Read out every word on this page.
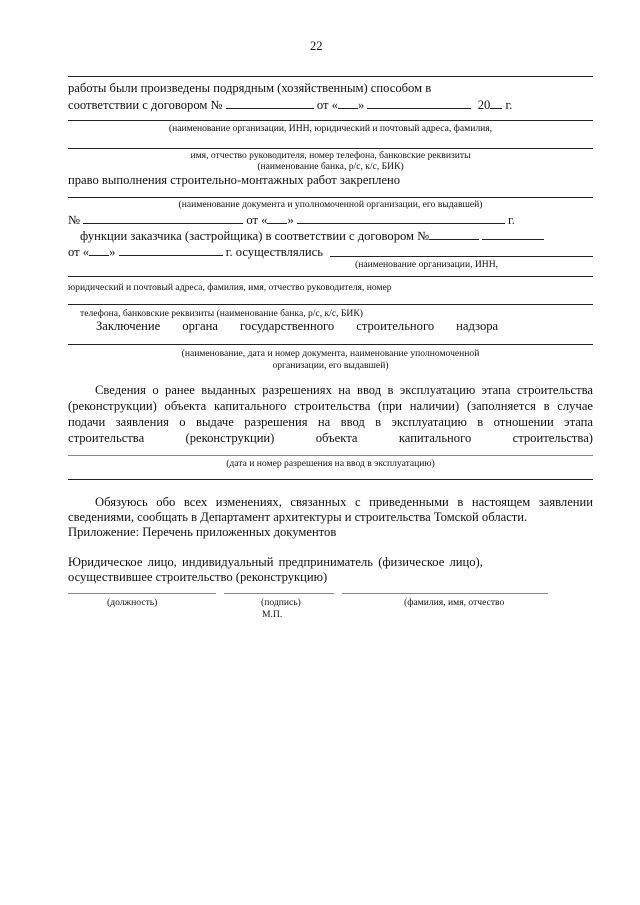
22
работы были произведены подрядным (хозяйственным) способом в
соответствии с договором №	от « »	20 г.
(наименование организации, ИНН, юридический и почтовый адреса, фамилия,
имя, отчество руководителя, номер телефона, банковские реквизиты
(наименование банка, р/с, к/с, БИК)
право выполнения строительно-монтажных работ закреплено
(наименование документа и уполномоченной организации, его выдавшей)
№	от « »	г.
функции заказчика (застройщика) в соответствии с договором №
от « »	г. осуществлялись
(наименование организации, ИНН,
юридический и почтовый адреса, фамилия, имя, отчество руководителя, номер
телефона, банковские реквизиты (наименование банка, р/с, к/с, БИК)
Заключение органа государственного строительного надзора
(наименование, дата и номер документа, наименование уполномоченной
организации, его выдавшей)
Сведения о ранее выданных разрешениях на ввод в эксплуатацию этапа строительства
(реконструкции) объекта капитального строительства (при наличии) (заполняется в случае
подачи заявления о выдаче разрешения на ввод в эксплуатацию в отношении этапа
строительства (реконструкции) объекта капитального строительства)
(дата и номер разрешения на ввод в эксплуатацию)
Обязуюсь обо всех изменениях, связанных с приведенными в настоящем заявлении
сведениями, сообщать в Департамент архитектуры и строительства Томской области.
Приложение: Перечень приложенных документов
Юридическое лицо, индивидуальный предприниматель (физическое лицо),
осуществившее строительство (реконструкцию)
(должность)	(подпись)	(фамилия, имя, отчество
М.П.
